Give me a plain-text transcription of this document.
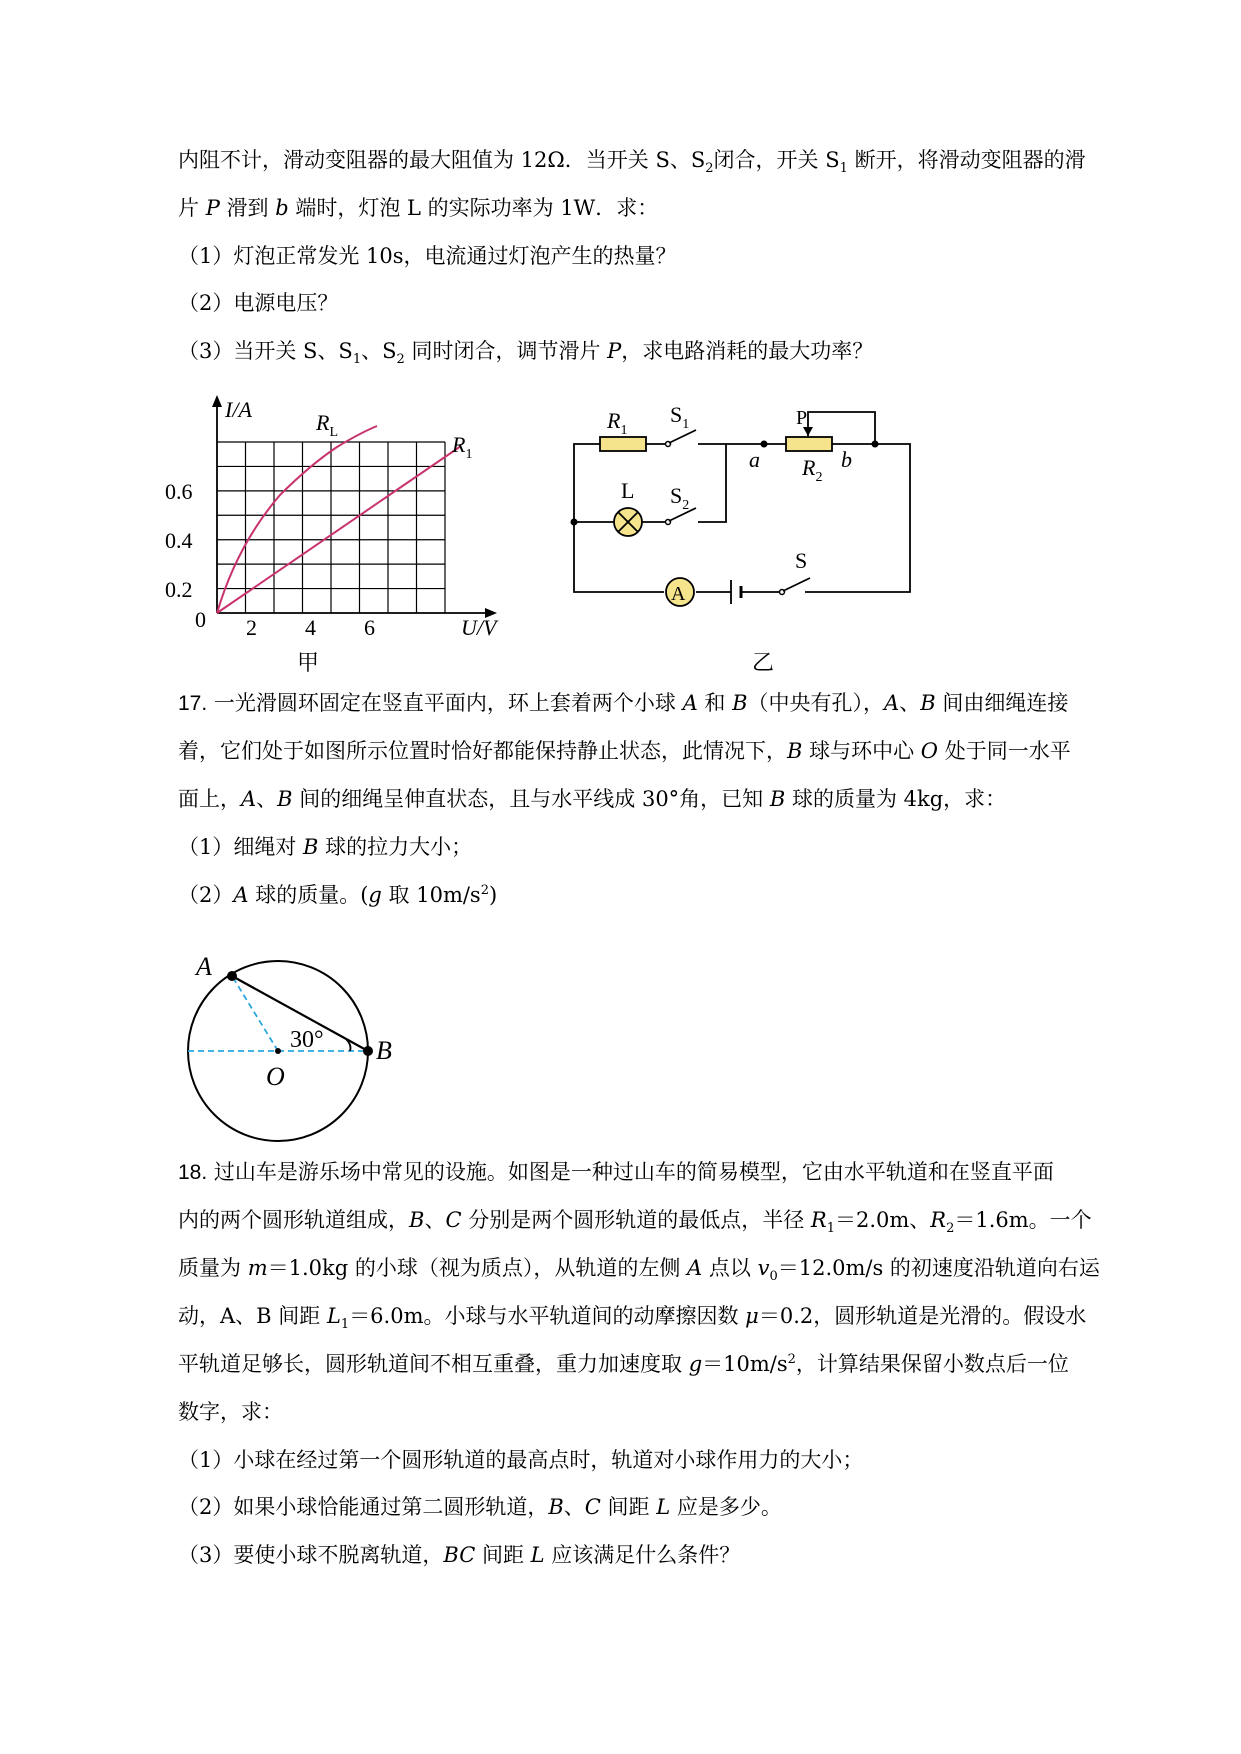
内阻不计，滑动变阻器的最大阻值为 12Ω．当开关 S、$S_2$闭合，开关 $S_1$ 断开，将滑动变阻器的滑
片 P 滑到 b 端时，灯泡 L 的实际功率为 1W．求：
（1）灯泡正常发光 10s，电流通过灯泡产生的热量？
（2）电源电压？
（3）当开关 S、$S_1$、$S_2$ 同时闭合，调节滑片 P，求电路消耗的最大功率？
I/A
U/V
0
0.2
0.4
0.6
2 4 6
$R_L$	$R_1$
甲
A
$R_1$
$S_1$
$S_2$
L
P
a	b
$R_2$
S
乙
17. 一光滑圆环固定在竖直平面内，环上套着两个小球 A 和 B（中央有孔），A、B 间由细绳连接
着，它们处于如图所示位置时恰好都能保持静止状态，此情况下，B 球与环中心 O 处于同一水平
面上，A、B 间的细绳呈伸直状态，且与水平线成 30°角，已知 B 球的质量为 4kg，求：
（1）细绳对 B 球的拉力大小；
（2）A 球的质量。(g 取 $10m/s^2$)
A
B
O
30°
18. 过山车是游乐场中常见的设施。如图是一种过山车的简易模型，它由水平轨道和在竖直平面
内的两个圆形轨道组成，B、C 分别是两个圆形轨道的最低点，半径 $R_1=2.0m$、$R_2=1.6m$。一个
质量为 m＝1.0kg 的小球（视为质点），从轨道的左侧 A 点以 $v_0=12.0m/s$ 的初速度沿轨道向右运
动，A、B 间距 $L_1=6.0m$。小球与水平轨道间的动摩擦因数 μ＝0.2，圆形轨道是光滑的。假设水
平轨道足够长，圆形轨道间不相互重叠，重力加速度取 $g=10m/s^2$，计算结果保留小数点后一位
数字，求：
（1）小球在经过第一个圆形轨道的最高点时，轨道对小球作用力的大小；
（2）如果小球恰能通过第二圆形轨道，B、C 间距 L 应是多少。
（3）要使小球不脱离轨道，BC 间距 L 应该满足什么条件？
